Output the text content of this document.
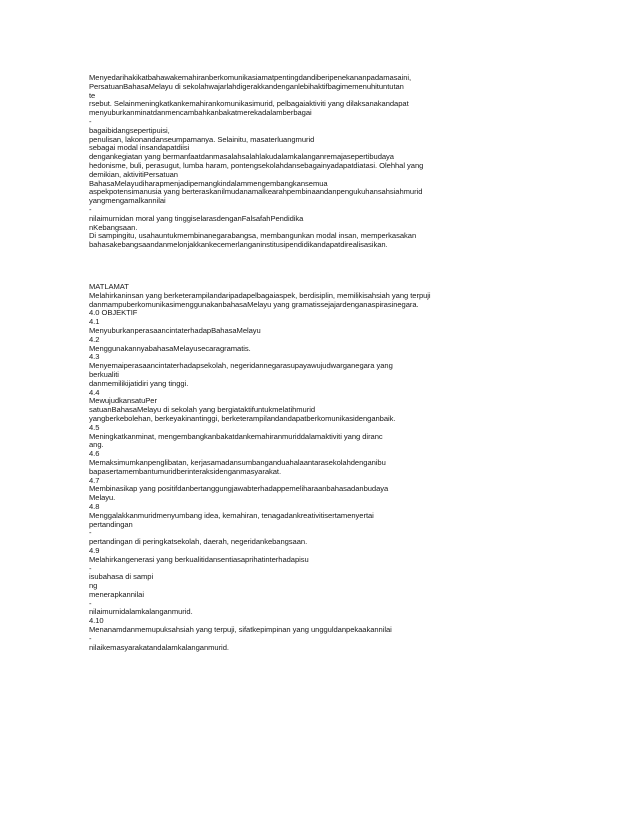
Menyedarihakikatbahawakemahiranberkomunikasiamatpentingdandiberipenekananpadamasaini,
PersatuanBahasaMelayu di sekolahwajarlahdigerakkandenganlebihaktifbagimemenuhituntutan
te
rsebut. Selainmeningkatkankemahirankomunikasimurid, pelbagaiaktiviti yang dilaksanakandapat
menyuburkanminatdanmencambahkanbakatmerekadalamberbagai
-
bagaibidangsepertipuisi,
penulisan, lakonandanseumpamanya. Selainitu, masaterluangmurid
sebagai modal insandapatdiisi
dengankegiatan yang bermanfaatdanmasalahsalahlakudalamkalanganremajasepertibudaya
hedonisme, buli, perasugut, lumba haram, pontengsekolahdansebagainyadapatdiatasi. Olehhal yang
demikian, aktivitiPersatuan
BahasaMelayudiharapmenjadipemangkindalammengembangkansemua
aspekpotensimanusia yang berteraskanilmudanamalkearahpembinaandanpengukuhansahsiahmurid
yangmengamalkannilai
-
nilaimurnidan moral yang tinggiselarasdenganFalsafahPendidika
nKebangsaan.
Di sampingitu, usahauntukmembinanegarabangsa, membangunkan modal insan, memperkasakan
bahasakebangsaandanmelonjakkankecemerlanganinstitusipendidikandapatdirealisasikan.
MATLAMAT
Melahirkaninsan yang berketerampilandaripadapelbagaiaspek, berdisiplin, memilikisahsiah yang terpuji
danmampuberkomunikasimenggunakanbahasaMelayu yang gramatissejajardenganaspirasinegara.
4.0 OBJEKTIF
4.1
MenyuburkanperasaancintaterhadapBahasaMelayu
4.2
MenggunakannyabahasaMelayusecaragramatis.
4.3
Menyemaiperasaancintaterhadapsekolah, negeridannegarasupayawujudwarganegara yang
berkualiti
danmemilikijatidiri yang tinggi.
4.4
MewujudkansatuPer
satuanBahasaMelayu di sekolah yang bergiataktifuntukmelatihmurid
yangberkebolehan, berkeyakinantinggi, berketerampilandandapatberkomunikasidenganbaik.
4.5
Meningkatkanminat, mengembangkanbakatdankemahiranmuriddalamaktiviti yang diranc
ang.
4.6
Memaksimumkanpenglibatan, kerjasamadansumbanganduahalaantarasekolahdenganibu
bapasertamembantumuridberinteraksidenganmasyarakat.
4.7
Membinasikap yang positifdanbertanggungjawabterhadappemeliharaanbahasadanbudaya
Melayu.
4.8
Menggalakkanmuridmenyumbang idea, kemahiran, tenagadankreativitisertamenyertai
pertandingan
-
pertandingan di peringkatsekolah, daerah, negeridankebangsaan.
4.9
Melahirkangenerasi yang berkualitidansentiasaprihatinterhadapisu
-
isubahasa di sampi
ng
menerapkannilai
-
nilaimurnidalamkalanganmurid.
4.10
Menanamdanmemupuksahsiah yang terpuji, sifatkepimpinan yang ungguldanpekaakannilai
-
nilaikemasyarakatandalamkalanganmurid.
